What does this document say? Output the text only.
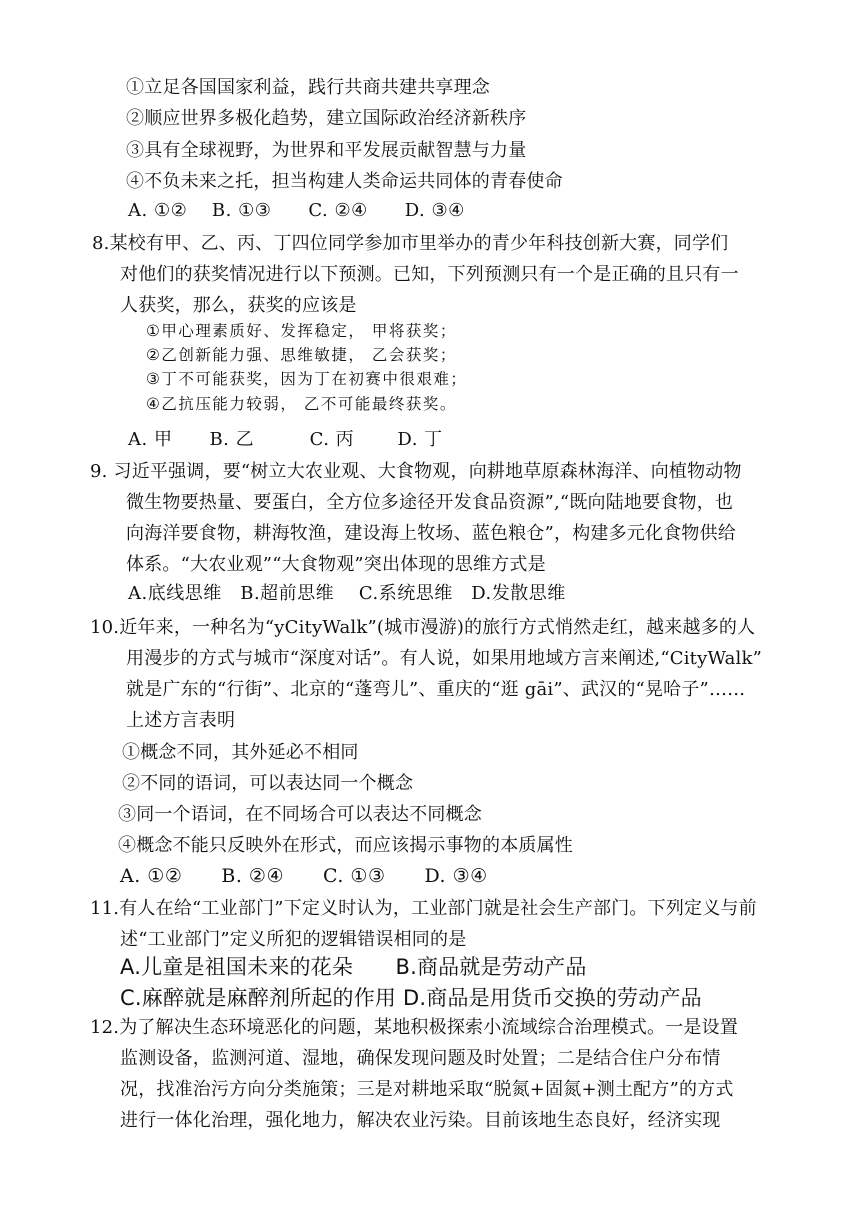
①立足各国国家利益，践行共商共建共享理念
②顺应世界多极化趋势，建立国际政治经济新秩序
③具有全球视野，为世界和平发展贡献智慧与力量
④不负未来之托，担当构建人类命运共同体的青春使命
A. ①②　 B. ①③　　C. ②④　　D. ③④
8.某校有甲、乙、丙、丁四位同学参加市里举办的青少年科技创新大赛，同学们
对他们的获奖情况进行以下预测。已知，下列预测只有一个是正确的且只有一
人获奖，那么，获奖的应该是
①甲心理素质好、发挥稳定， 甲将获奖；
②乙创新能力强、思维敏捷， 乙会获奖；
③丁不可能获奖，因为丁在初赛中很艰难；
④乙抗压能力较弱， 乙不可能最终获奖。
A. 甲　　B. 乙　　　C. 丙　　 D. 丁
9. 习近平强调，要“树立大农业观、大食物观，向耕地草原森林海洋、向植物动物
微生物要热量、要蛋白，全方位多途径开发食品资源”,“既向陆地要食物，也
向海洋要食物，耕海牧渔，建设海上牧场、蓝色粮仓”，构建多元化食物供给
体系。“大农业观”“大食物观”突出体现的思维方式是
A.底线思维　B.超前思维　 C.系统思维　D.发散思维
10.近年来，一种名为“yCityWalk”(城市漫游)的旅行方式悄然走红，越来越多的人
用漫步的方式与城市“深度对话”。有人说，如果用地域方言来阐述,“CityWalk”
就是广东的“行街”、北京的“蓬弯儿”、重庆的“逛 gāi”、武汉的“晃哈子”……
上述方言表明
①概念不同，其外延必不相同
②不同的语词，可以表达同一个概念
③同一个语词，在不同场合可以表达不同概念
④概念不能只反映外在形式，而应该揭示事物的本质属性
A. ①②　　B. ②④　　C. ①③　　D. ③④
11.有人在给“工业部门”下定义时认为，工业部门就是社会生产部门。下列定义与前
述“工业部门”定义所犯的逻辑错误相同的是
A.儿童是祖国未来的花朵　　B.商品就是劳动产品
C.麻醉就是麻醉剂所起的作用 D.商品是用货币交换的劳动产品
12.为了解决生态环境恶化的问题，某地积极探索小流域综合治理模式。一是设置
监测设备，监测河道、湿地，确保发现问题及时处置；二是结合住户分布情
况，找准治污方向分类施策；三是对耕地采取“脱氮+固氮+测土配方”的方式
进行一体化治理，强化地力，解决农业污染。目前该地生态良好，经济实现
